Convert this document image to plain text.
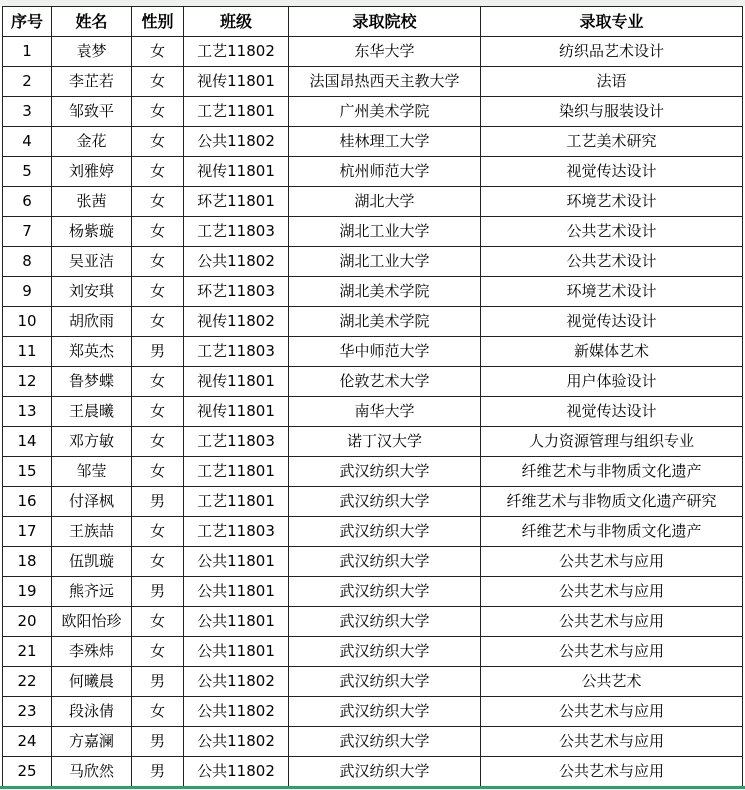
序号	姓名	性别	班级	录取院校	录取专业
1	袁梦	女	工艺11802	东华大学	纺织品艺术设计
2	李芷若	女	视传11801	法国昂热西天主教大学	法语
3	邹致平	女	工艺11801	广州美术学院	染织与服装设计
4	金花	女	公共11802	桂林理工大学	工艺美术研究
5	刘雅婷	女	视传11801	杭州师范大学	视觉传达设计
6	张茜	女	环艺11801	湖北大学	环境艺术设计
7	杨紫璇	女	工艺11803	湖北工业大学	公共艺术设计
8	吴亚洁	女	公共11802	湖北工业大学	公共艺术设计
9	刘安琪	女	环艺11803	湖北美术学院	环境艺术设计
10	胡欣雨	女	视传11802	湖北美术学院	视觉传达设计
11	郑英杰	男	工艺11803	华中师范大学	新媒体艺术
12	鲁梦蝶	女	视传11801	伦敦艺术大学	用户体验设计
13	王晨曦	女	视传11801	南华大学	视觉传达设计
14	邓方敏	女	工艺11803	诺丁汉大学	人力资源管理与组织专业
15	邹莹	女	工艺11801	武汉纺织大学	纤维艺术与非物质文化遗产
16	付泽枫	男	工艺11801	武汉纺织大学	纤维艺术与非物质文化遗产研究
17	王族喆	女	工艺11803	武汉纺织大学	纤维艺术与非物质文化遗产
18	伍凯璇	女	公共11801	武汉纺织大学	公共艺术与应用
19	熊齐远	男	公共11801	武汉纺织大学	公共艺术与应用
20	欧阳怡珍	女	公共11801	武汉纺织大学	公共艺术与应用
21	李殊炜	女	公共11801	武汉纺织大学	公共艺术与应用
22	何曦晨	男	公共11802	武汉纺织大学	公共艺术
23	段泳倩	女	公共11802	武汉纺织大学	公共艺术与应用
24	方嘉澜	男	公共11802	武汉纺织大学	公共艺术与应用
25	马欣然	男	公共11802	武汉纺织大学	公共艺术与应用
